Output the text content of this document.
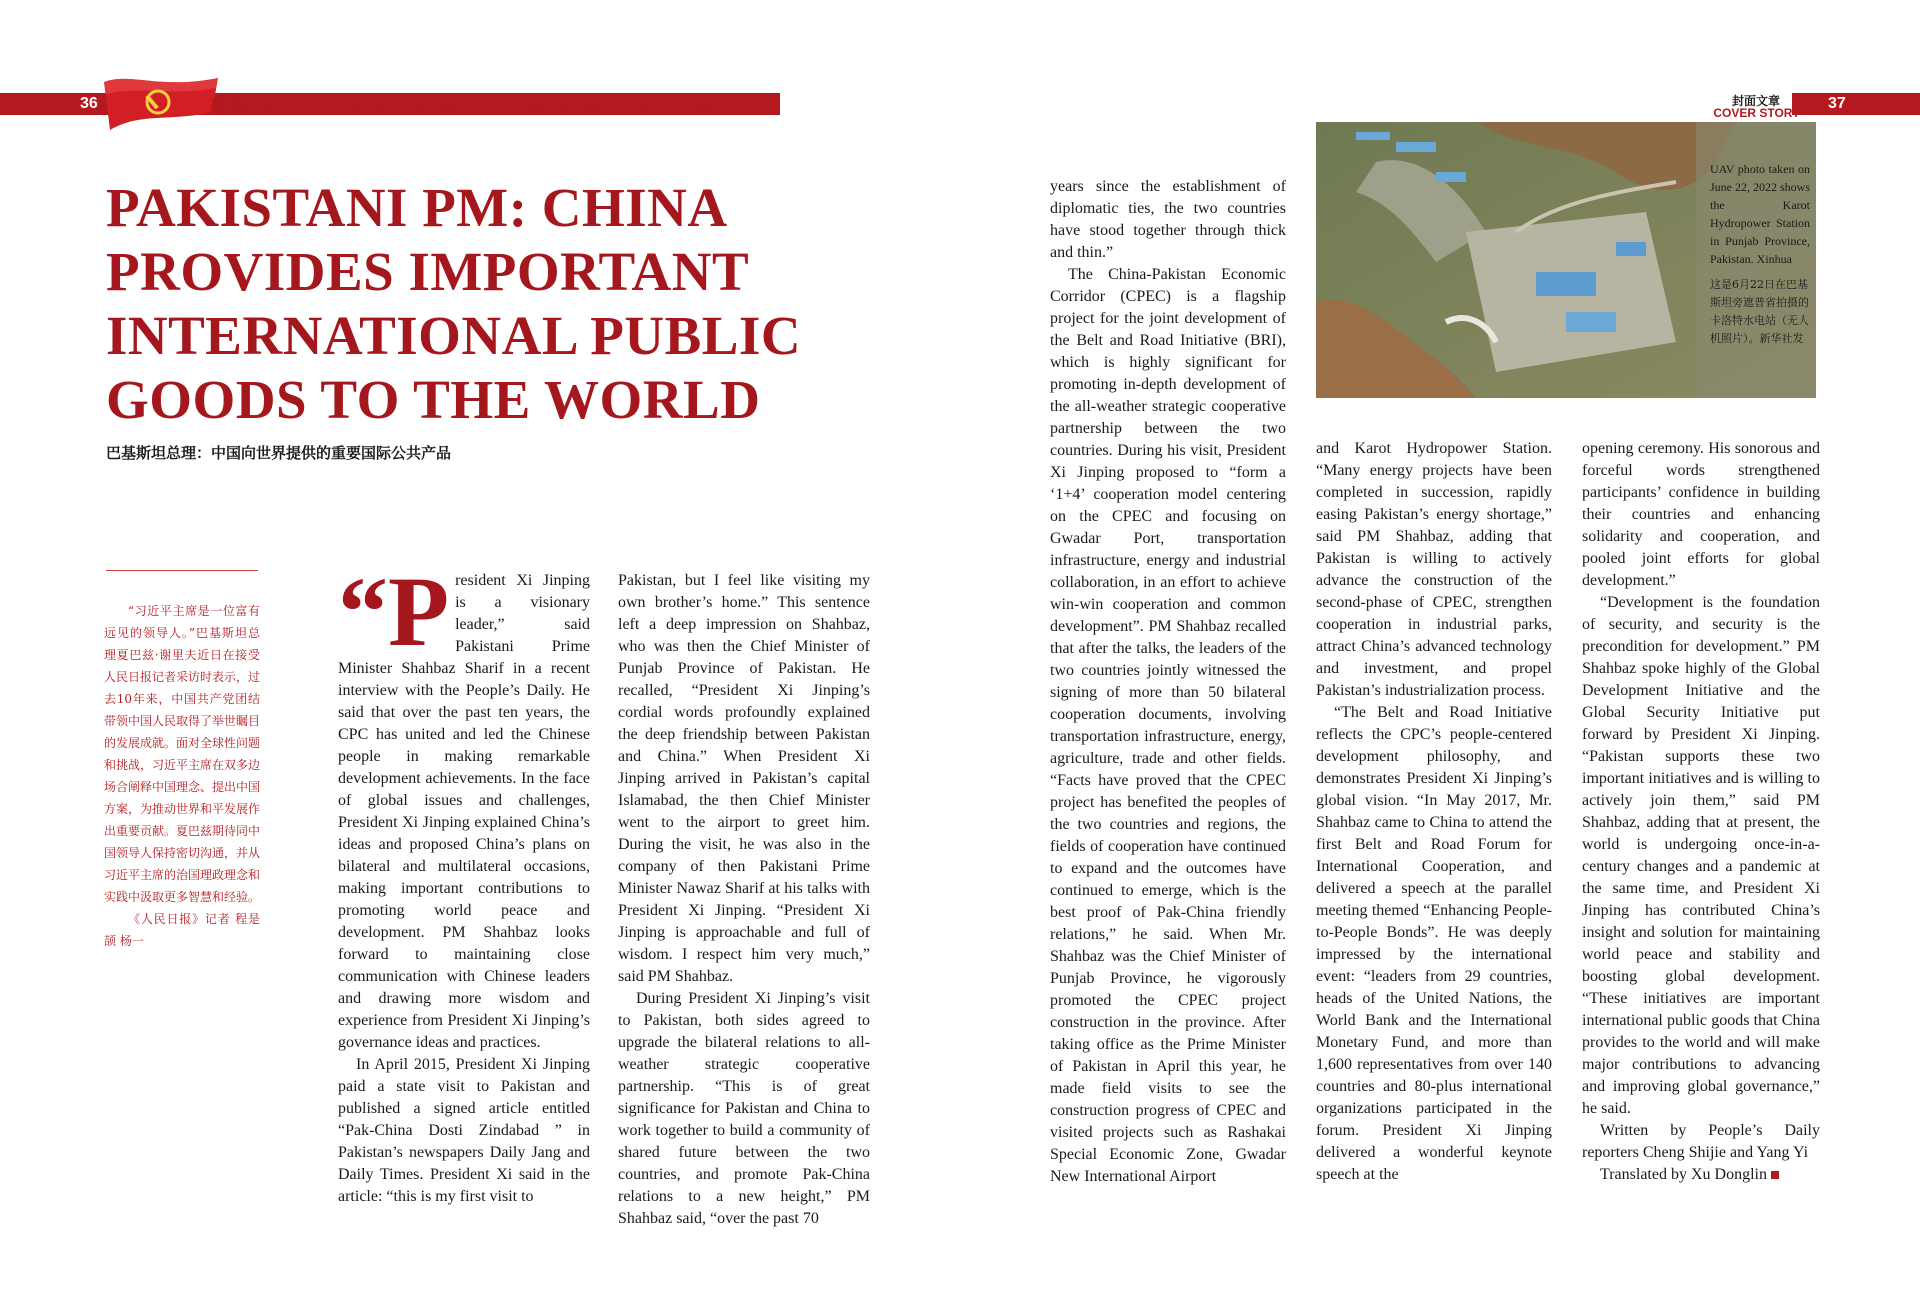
36	聚焦二十大 FOCUS ON THE 20TH CPC NATIONAL CONGRESS	封面文章
COVER STORY
37
PAKISTANI PM: CHINA PROVIDES IMPORTANT INTERNATIONAL PUBLIC GOODS TO THE WORLD
巴基斯坦总理：中国向世界提供的重要国际公共产品

“习近平主席是一位富有远见的领导人。”巴基斯坦总理夏巴兹·谢里夫近日在接受人民日报记者采访时表示，过去10年来，中国共产党团结带领中国人民取得了举世瞩目的发展成就。面对全球性问题和挑战，习近平主席在双多边场合阐释中国理念、提出中国方案，为推动世界和平发展作出重要贡献。夏巴兹期待同中国领导人保持密切沟通，并从习近平主席的治国理政理念和实践中汲取更多智慧和经验。

《人民日报》记者 程是颉 杨一

“President Xi Jinping is a visionary leader,” said Pakistani Prime Minister Shahbaz Sharif in a recent interview with the People’s Daily. He said that over the past ten years, the CPC has united and led the Chinese people in making remarkable development achievements. In the face of global issues and challenges, President Xi Jinping explained China’s ideas and proposed China’s plans on bilateral and multilateral occasions, making important contributions to promoting world peace and development. PM Shahbaz looks forward to maintaining close communication with Chinese leaders and drawing more wisdom and experience from President Xi Jinping’s governance ideas and practices.

In April 2015, President Xi Jinping paid a state visit to Pakistan and published a signed article entitled “Pak-China Dosti Zindabad ” in Pakistan’s newspapers Daily Jang and Daily Times. President Xi said in the article: “this is my first visit to

Pakistan, but I feel like visiting my own brother’s home.” This sentence left a deep impression on Shahbaz, who was then the Chief Minister of Punjab Province of Pakistan. He recalled, “President Xi Jinping’s cordial words profoundly explained the deep friendship between Pakistan and China.” When President Xi Jinping arrived in Pakistan’s capital Islamabad, the then Chief Minister went to the airport to greet him. During the visit, he was also in the company of then Pakistani Prime Minister Nawaz Sharif at his talks with President Xi Jinping. “President Xi Jinping is approachable and full of wisdom. I respect him very much,” said PM Shahbaz.

During President Xi Jinping’s visit to Pakistan, both sides agreed to upgrade the bilateral relations to all-weather strategic cooperative partnership. “This is of great significance for Pakistan and China to work together to build a community of shared future between the two countries, and promote Pak-China relations to a new height,” PM Shahbaz said, “over the past 70

years since the establishment of diplomatic ties, the two countries have stood together through thick and thin.”

The China-Pakistan Economic Corridor (CPEC) is a flagship project for the joint development of the Belt and Road Initiative (BRI), which is highly significant for promoting in-depth development of the all-weather strategic cooperative partnership between the two countries. During his visit, President Xi Jinping proposed to “form a ‘1+4’ cooperation model centering on the CPEC and focusing on Gwadar Port, transportation infrastructure, energy and industrial collaboration, in an effort to achieve win-win cooperation and common development”. PM Shahbaz recalled that after the talks, the leaders of the two countries jointly witnessed the signing of more than 50 bilateral cooperation documents, involving transportation infrastructure, energy, agriculture, trade and other fields. “Facts have proved that the CPEC project has benefited the peoples of the two countries and regions, the fields of cooperation have continued to expand and the outcomes have continued to emerge, which is the best proof of Pak-China friendly relations,” he said. When Mr. Shahbaz was the Chief Minister of Punjab Province, he vigorously promoted the CPEC project construction in the province. After taking office as the Prime Minister of Pakistan in April this year, he made field visits to see the construction progress of CPEC and visited projects such as Rashakai Special Economic Zone, Gwadar New International Airport

UAV photo taken on June 22, 2022 shows the Karot Hydropower Station in Punjab Province, Pakistan. Xinhua
这是6月22日在巴基斯坦旁遮普省拍摄的卡洛特水电站（无人机照片）。新华社发

and Karot Hydropower Station. “Many energy projects have been completed in succession, rapidly easing Pakistan’s energy shortage,” said PM Shahbaz, adding that Pakistan is willing to actively advance the construction of the second-phase of CPEC, strengthen cooperation in industrial parks, attract China’s advanced technology and investment, and propel Pakistan’s industrialization process.

“The Belt and Road Initiative reflects the CPC’s people-centered development philosophy, and demonstrates President Xi Jinping’s global vision. “In May 2017, Mr. Shahbaz came to China to attend the first Belt and Road Forum for International Cooperation, and delivered a speech at the parallel meeting themed “Enhancing People-to-People Bonds”. He was deeply impressed by the international event: “leaders from 29 countries, heads of the United Nations, the World Bank and the International Monetary Fund, and more than 1,600 representatives from over 140 countries and 80-plus international organizations participated in the forum. President Xi Jinping delivered a wonderful keynote speech at the

opening ceremony. His sonorous and forceful words strengthened participants’ confidence in building their countries and enhancing solidarity and cooperation, and pooled joint efforts for global development.”

“Development is the foundation of security, and security is the precondition for development.” PM Shahbaz spoke highly of the Global Development Initiative and the Global Security Initiative put forward by President Xi Jinping. “Pakistan supports these two important initiatives and is willing to actively join them,” said PM Shahbaz, adding that at present, the world is undergoing once-in-a-century changes and a pandemic at the same time, and President Xi Jinping has contributed China’s insight and solution for maintaining world peace and stability and boosting global development. “These initiatives are important international public goods that China provides to the world and will make major contributions to advancing and improving global governance,” he said.

Written by People’s Daily reporters Cheng Shijie and Yang Yi

Translated by Xu Donglin
